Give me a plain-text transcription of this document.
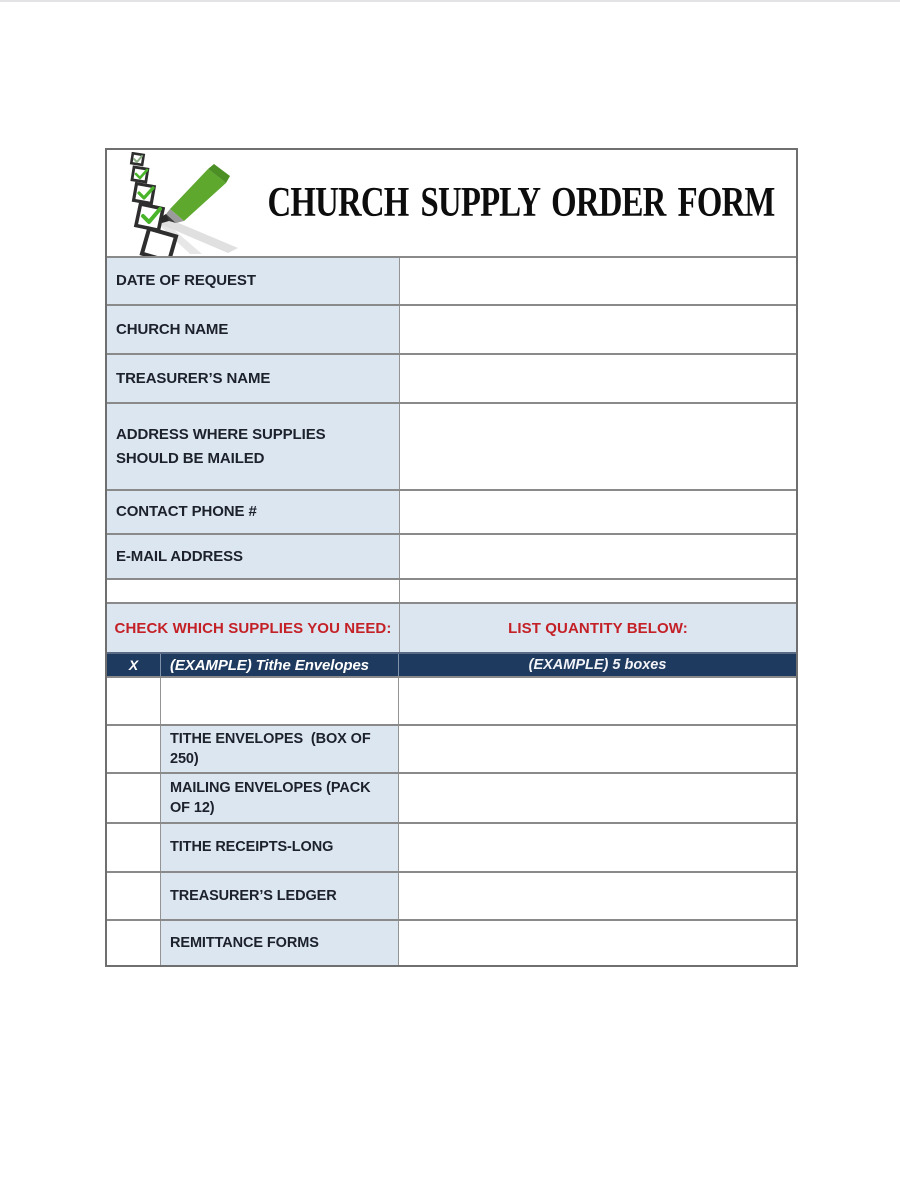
CHURCH SUPPLY ORDER FORM
DATE OF REQUEST
CHURCH NAME
TREASURER’S NAME
ADDRESS WHERE SUPPLIES SHOULD BE MAILED
CONTACT PHONE #
E-MAIL ADDRESS
CHECK WHICH SUPPLIES YOU NEED:	LIST QUANTITY BELOW:
X (EXAMPLE) Tithe Envelopes	(EXAMPLE) 5 boxes
TITHE ENVELOPES  (BOX OF 250)
MAILING ENVELOPES (PACK OF 12)
TITHE RECEIPTS-LONG
TREASURER’S LEDGER
REMITTANCE FORMS
